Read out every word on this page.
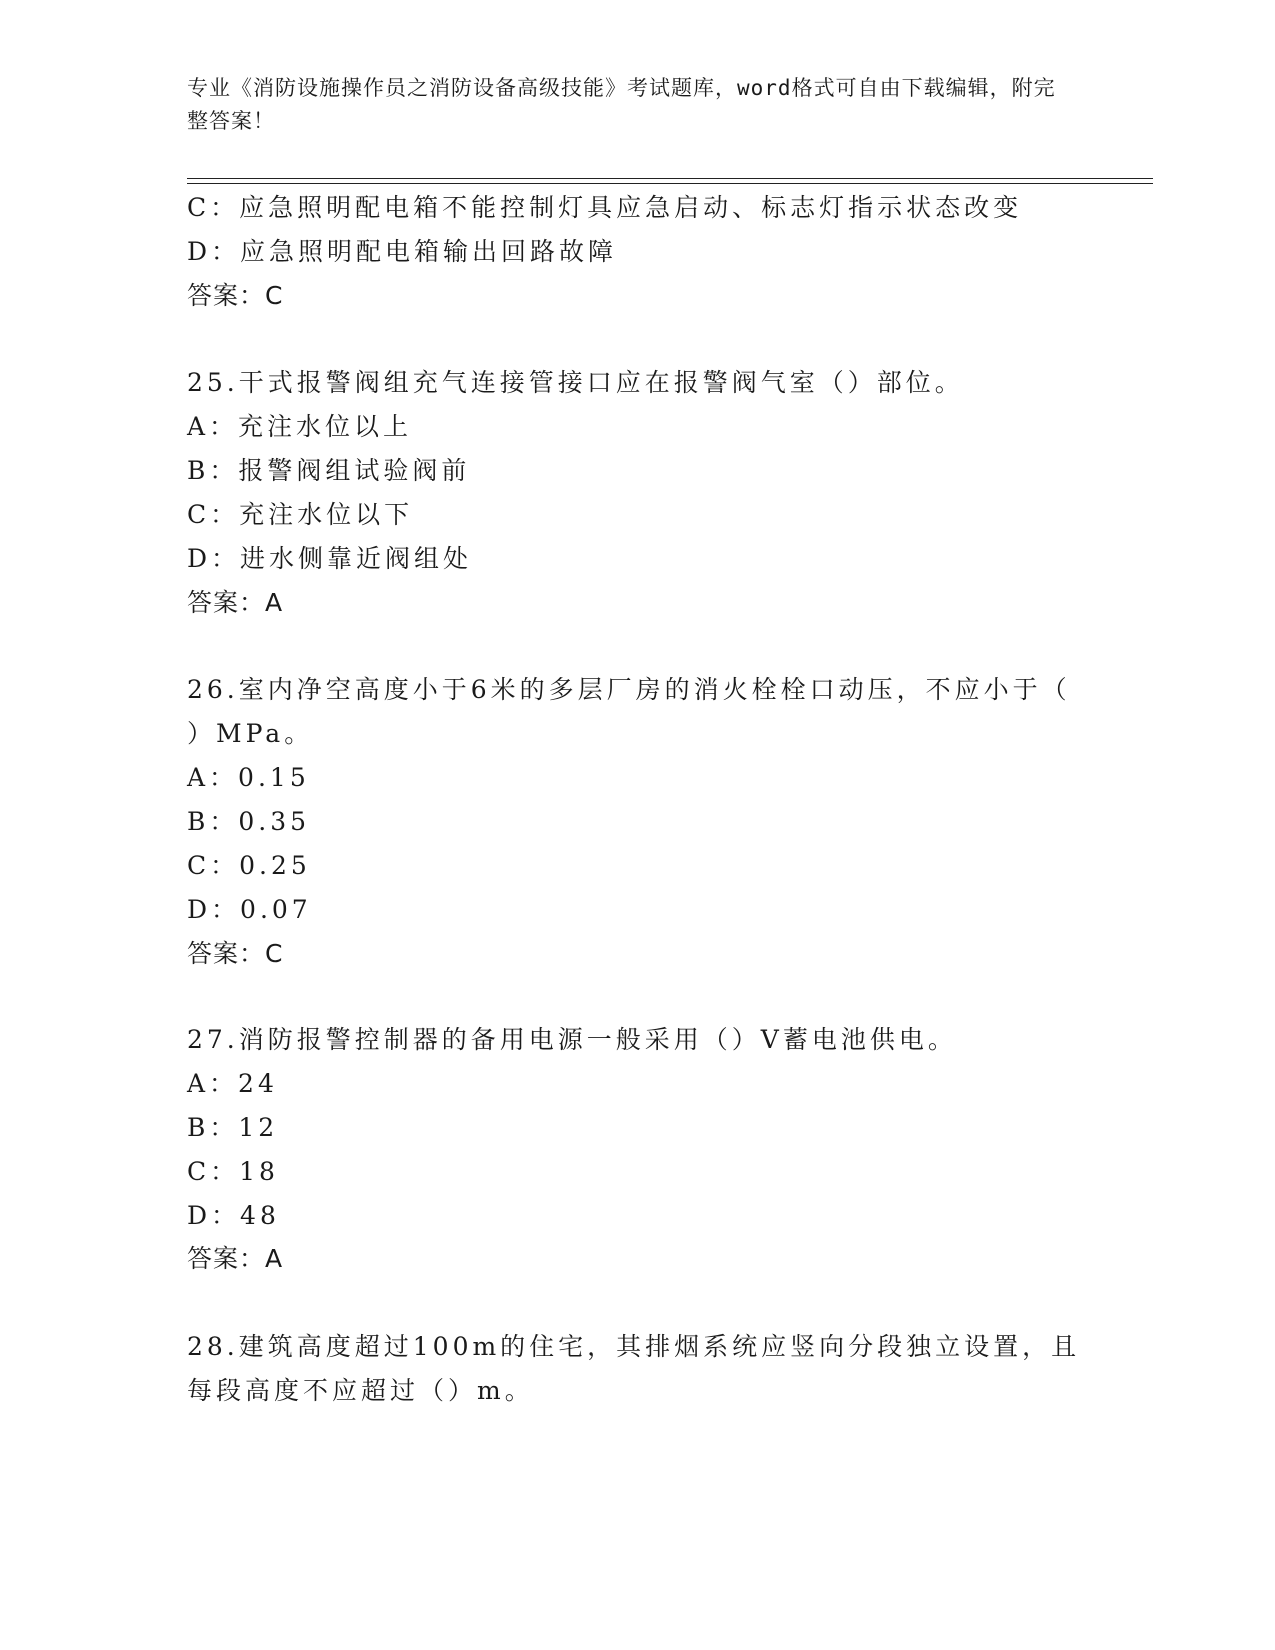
专业《消防设施操作员之消防设备高级技能》考试题库，word格式可自由下载编辑，附完整答案！
C：应急照明配电箱不能控制灯具应急启动、标志灯指示状态改变
D：应急照明配电箱输出回路故障
答案：C
25.干式报警阀组充气连接管接口应在报警阀气室（）部位。
A：充注水位以上
B：报警阀组试验阀前
C：充注水位以下
D：进水侧靠近阀组处
答案：A
26.室内净空高度小于6米的多层厂房的消火栓栓口动压，不应小于（
）MPa。
A：0.15
B：0.35
C：0.25
D：0.07
答案：C
27.消防报警控制器的备用电源一般采用（）V蓄电池供电。
A：24
B：12
C：18
D：48
答案：A
28.建筑高度超过100m的住宅，其排烟系统应竖向分段独立设置，且
每段高度不应超过（）m。
